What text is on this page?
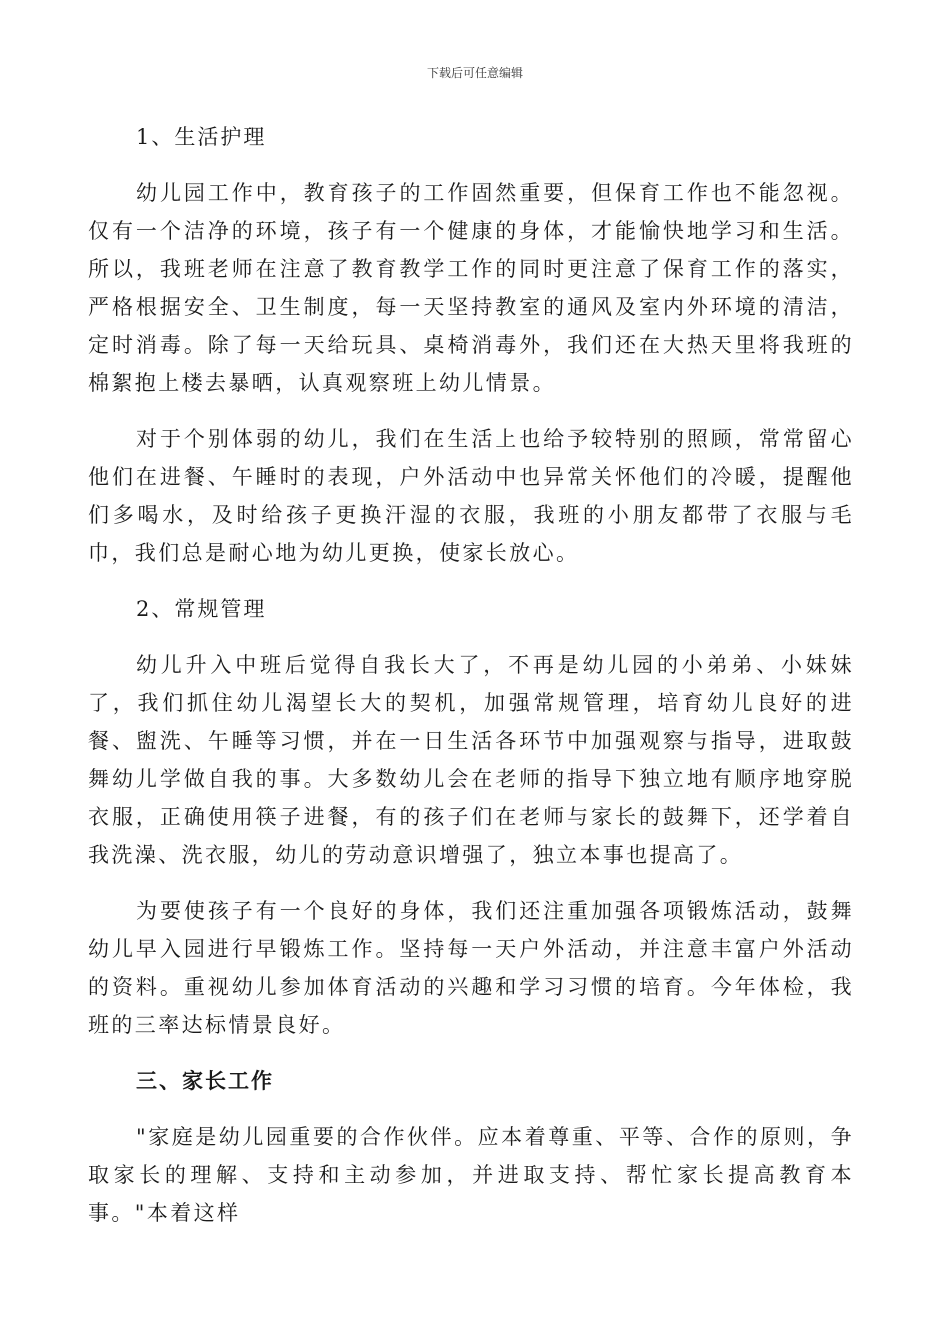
下载后可任意编辑
1、生活护理

幼儿园工作中，教育孩子的工作固然重要，但保育工作也不能忽视。仅有一个洁净的环境，孩子有一个健康的身体，才能愉快地学习和生活。所以，我班老师在注意了教育教学工作的同时更注意了保育工作的落实，严格根据安全、卫生制度，每一天坚持教室的通风及室内外环境的清洁，定时消毒。除了每一天给玩具、桌椅消毒外，我们还在大热天里将我班的棉絮抱上楼去暴晒，认真观察班上幼儿情景。

对于个别体弱的幼儿，我们在生活上也给予较特别的照顾，常常留心他们在进餐、午睡时的表现，户外活动中也异常关怀他们的冷暖，提醒他们多喝水，及时给孩子更换汗湿的衣服，我班的小朋友都带了衣服与毛巾，我们总是耐心地为幼儿更换，使家长放心。

2、常规管理

幼儿升入中班后觉得自我长大了，不再是幼儿园的小弟弟、小妹妹了，我们抓住幼儿渴望长大的契机，加强常规管理，培育幼儿良好的进餐、盥洗、午睡等习惯，并在一日生活各环节中加强观察与指导，进取鼓舞幼儿学做自我的事。大多数幼儿会在老师的指导下独立地有顺序地穿脱衣服，正确使用筷子进餐，有的孩子们在老师与家长的鼓舞下，还学着自我洗澡、洗衣服，幼儿的劳动意识增强了，独立本事也提高了。

为要使孩子有一个良好的身体，我们还注重加强各项锻炼活动，鼓舞幼儿早入园进行早锻炼工作。坚持每一天户外活动，并注意丰富户外活动的资料。重视幼儿参加体育活动的兴趣和学习习惯的培育。今年体检，我班的三率达标情景良好。

三、家长工作

"家庭是幼儿园重要的合作伙伴。应本着尊重、平等、合作的原则，争取家长的理解、支持和主动参加，并进取支持、帮忙家长提高教育本事。"本着这样
